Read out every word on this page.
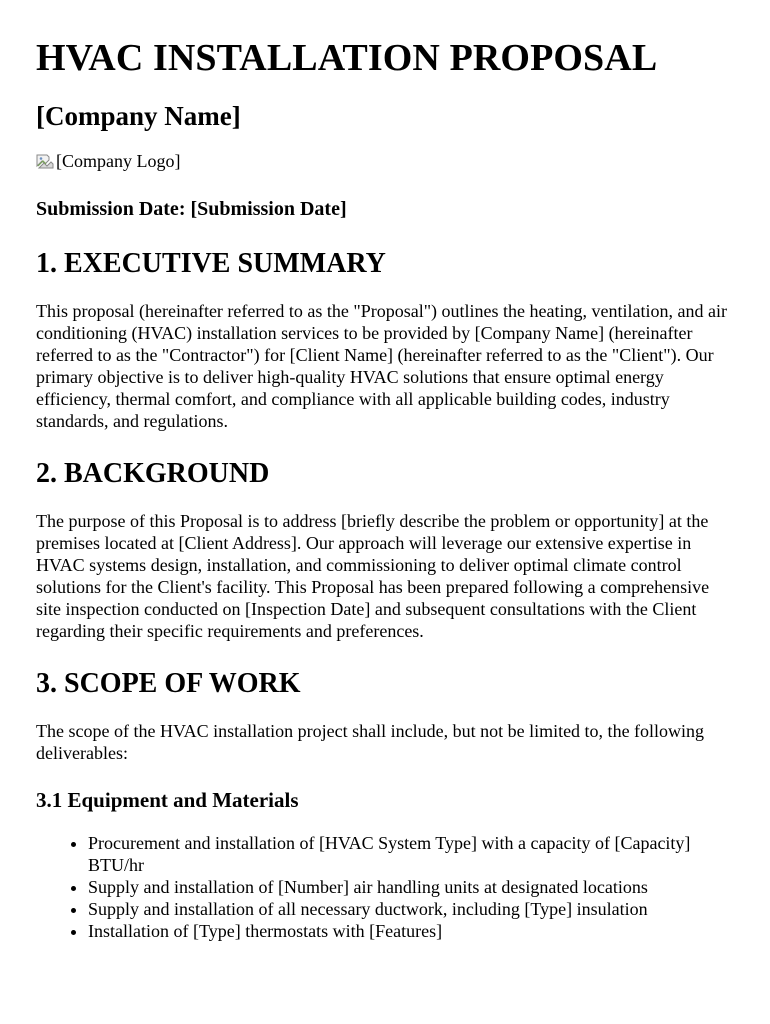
HVAC INSTALLATION PROPOSAL
[Company Name]
[Company Logo]
Submission Date: [Submission Date]
1. EXECUTIVE SUMMARY

This proposal (hereinafter referred to as the "Proposal") outlines the heating, ventilation, and air conditioning (HVAC) installation services to be provided by [Company Name] (hereinafter referred to as the "Contractor") for [Client Name] (hereinafter referred to as the "Client"). Our primary objective is to deliver high-quality HVAC solutions that ensure optimal energy efficiency, thermal comfort, and compliance with all applicable building codes, industry standards, and regulations.

2. BACKGROUND

The purpose of this Proposal is to address [briefly describe the problem or opportunity] at the premises located at [Client Address]. Our approach will leverage our extensive expertise in HVAC systems design, installation, and commissioning to deliver optimal climate control solutions for the Client's facility. This Proposal has been prepared following a comprehensive site inspection conducted on [Inspection Date] and subsequent consultations with the Client regarding their specific requirements and preferences.

3. SCOPE OF WORK

The scope of the HVAC installation project shall include, but not be limited to, the following deliverables:

3.1 Equipment and Materials
• Procurement and installation of [HVAC System Type] with a capacity of [Capacity] BTU/hr
• Supply and installation of [Number] air handling units at designated locations
• Supply and installation of all necessary ductwork, including [Type] insulation
• Installation of [Type] thermostats with [Features]
